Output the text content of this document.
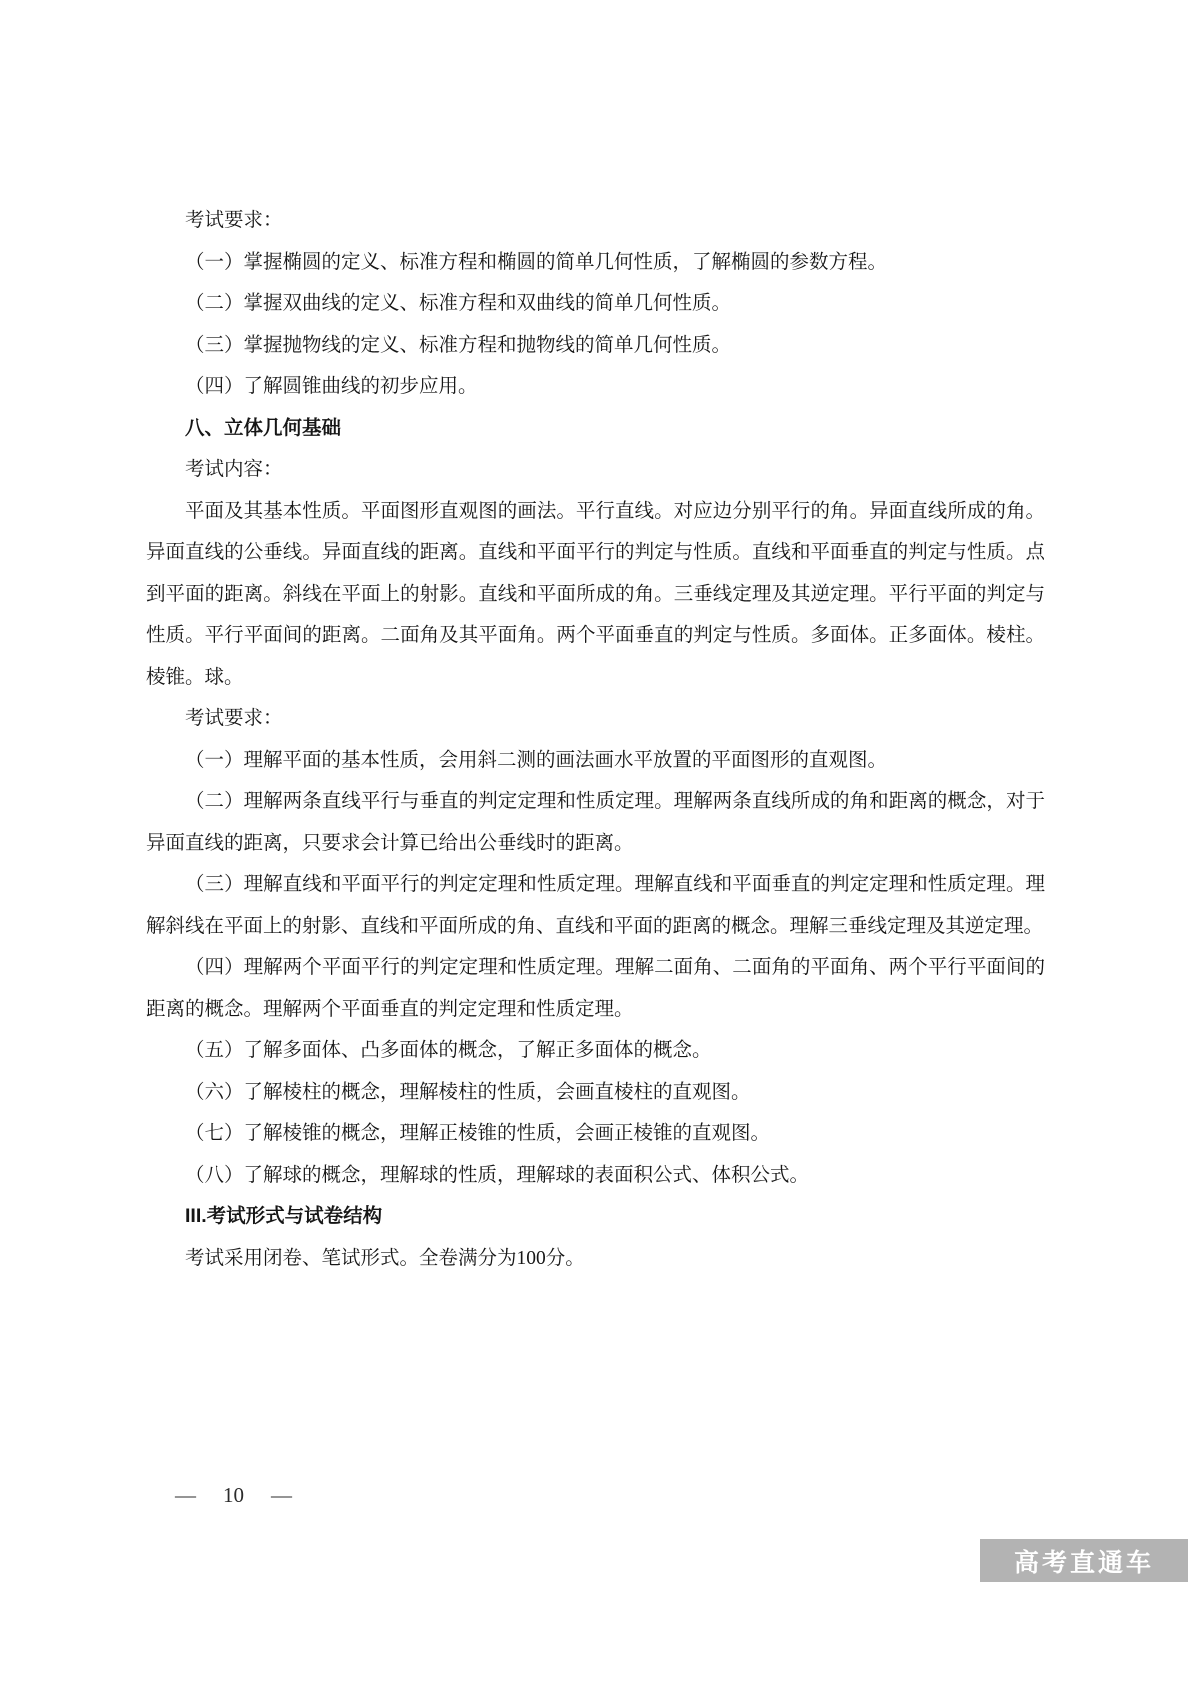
考试要求：

（一）掌握椭圆的定义、标准方程和椭圆的简单几何性质，了解椭圆的参数方程。

（二）掌握双曲线的定义、标准方程和双曲线的简单几何性质。

（三）掌握抛物线的定义、标准方程和抛物线的简单几何性质。

（四）了解圆锥曲线的初步应用。

八、立体几何基础

考试内容：

平面及其基本性质。平面图形直观图的画法。平行直线。对应边分别平行的角。异面直线所成的角。异面直线的公垂线。异面直线的距离。直线和平面平行的判定与性质。直线和平面垂直的判定与性质。点到平面的距离。斜线在平面上的射影。直线和平面所成的角。三垂线定理及其逆定理。平行平面的判定与性质。平行平面间的距离。二面角及其平面角。两个平面垂直的判定与性质。多面体。正多面体。棱柱。棱锥。球。

考试要求：

（一）理解平面的基本性质，会用斜二测的画法画水平放置的平面图形的直观图。

（二）理解两条直线平行与垂直的判定定理和性质定理。理解两条直线所成的角和距离的概念，对于异面直线的距离，只要求会计算已给出公垂线时的距离。

（三）理解直线和平面平行的判定定理和性质定理。理解直线和平面垂直的判定定理和性质定理。理解斜线在平面上的射影、直线和平面所成的角、直线和平面的距离的概念。理解三垂线定理及其逆定理。

（四）理解两个平面平行的判定定理和性质定理。理解二面角、二面角的平面角、两个平行平面间的距离的概念。理解两个平面垂直的判定定理和性质定理。

（五）了解多面体、凸多面体的概念，了解正多面体的概念。

（六）了解棱柱的概念，理解棱柱的性质，会画直棱柱的直观图。

（七）了解棱锥的概念，理解正棱锥的性质，会画正棱锥的直观图。

（八）了解球的概念，理解球的性质，理解球的表面积公式、体积公式。

III.考试形式与试卷结构

考试采用闭卷、笔试形式。全卷满分为100分。

— 10 —
高考直通车
